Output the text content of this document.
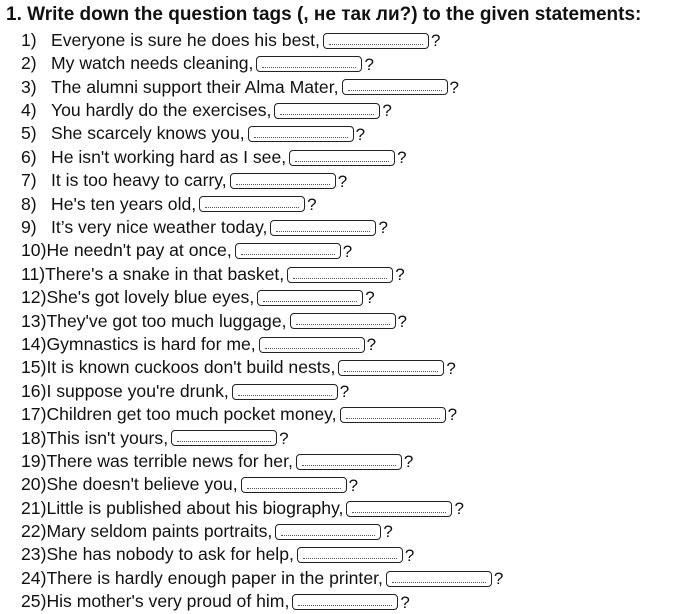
1. Write down the question tags (, не так ли?) to the given statements:
1) Everyone is sure he does his best,	?
2) My watch needs cleaning,	?
3) The alumni support their Alma Mater,	?
4) You hardly do the exercises,	?
5) She scarcely knows you,	?
6) He isn't working hard as I see,	?
7) It is too heavy to carry,	?
8) He's ten years old,	?
9) It’s very nice weather today,	?
10) He needn't pay at once,	?
11) There's a snake in that basket,	?
12) She's got lovely blue eyes,	?
13) They've got too much luggage,	?
14) Gymnastics is hard for me,	?
15) It is known cuckoos don't build nests,	?
16) I suppose you're drunk,	?
17) Children get too much pocket money,	?
18) This isn't yours,	?
19) There was terrible news for her,	?
20) She doesn't believe you,	?
21) Little is published about his biography,	?
22) Mary seldom paints portraits,	?
23) She has nobody to ask for help,	?
24) There is hardly enough paper in the printer,	?
25) His mother's very proud of him,	?
